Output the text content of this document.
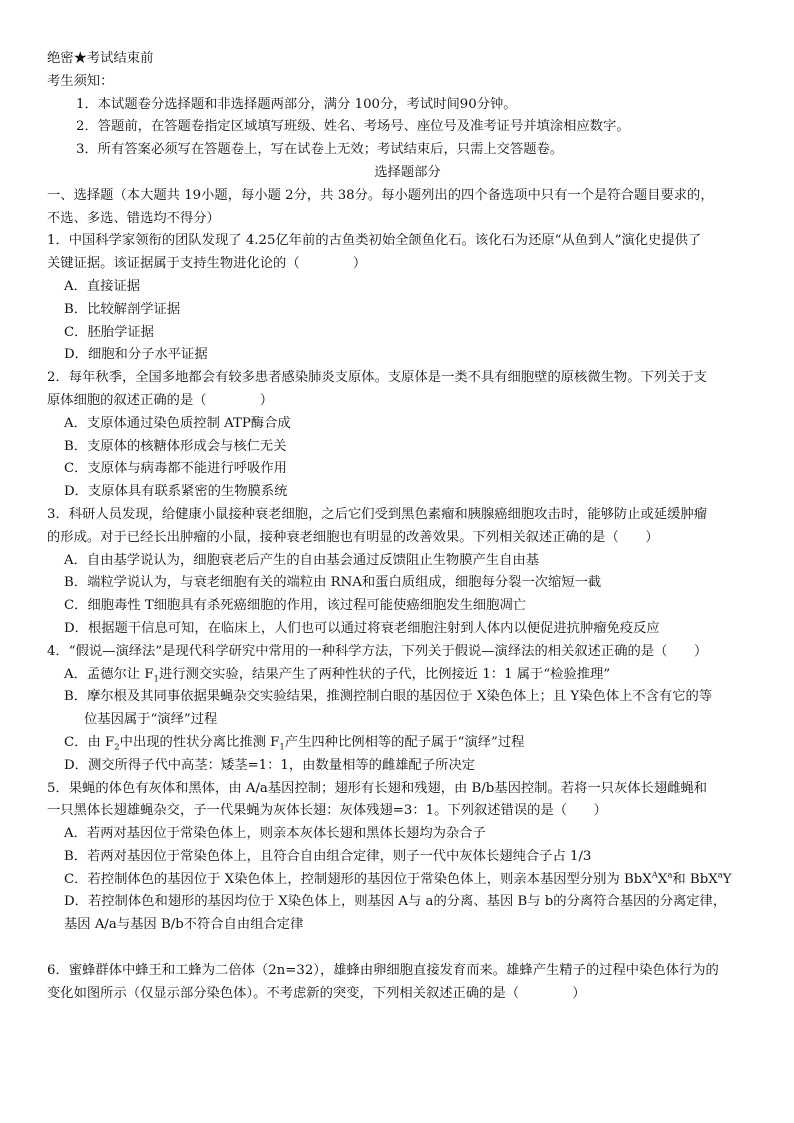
绝密★考试结束前
考生须知：
1．本试题卷分选择题和非选择题两部分，满分 100分，考试时间90分钟。
2．答题前，在答题卷指定区域填写班级、姓名、考场号、座位号及准考证号并填涂相应数字。
3．所有答案必须写在答题卷上，写在试卷上无效；考试结束后，只需上交答题卷。
选择题部分
一、选择题（本大题共 19小题，每小题 2分，共 38分。每小题列出的四个备选项中只有一个是符合题目要求的，
不选、多选、错选均不得分）
1．中国科学家领衔的团队发现了 4.25亿年前的古鱼类初始全颌鱼化石。该化石为还原“从鱼到人”演化史提供了
关键证据。该证据属于支持生物进化论的（　　　　）
A．直接证据
B．比较解剖学证据
C．胚胎学证据
D．细胞和分子水平证据
2．每年秋季，全国多地都会有较多患者感染肺炎支原体。支原体是一类不具有细胞壁的原核微生物。下列关于支
原体细胞的叙述正确的是（　　　　）
A．支原体通过染色质控制 ATP酶合成
B．支原体的核糖体形成会与核仁无关
C．支原体与病毒都不能进行呼吸作用
D．支原体具有联系紧密的生物膜系统
3．科研人员发现，给健康小鼠接种衰老细胞，之后它们受到黑色素瘤和胰腺癌细胞攻击时，能够防止或延缓肿瘤
的形成。对于已经长出肿瘤的小鼠，接种衰老细胞也有明显的改善效果。下列相关叙述正确的是（　　）
A．自由基学说认为，细胞衰老后产生的自由基会通过反馈阻止生物膜产生自由基
B．端粒学说认为，与衰老细胞有关的端粒由 RNA和蛋白质组成，细胞每分裂一次缩短一截
C．细胞毒性 T细胞具有杀死癌细胞的作用，该过程可能使癌细胞发生细胞凋亡
D．根据题干信息可知，在临床上，人们也可以通过将衰老细胞注射到人体内以便促进抗肿瘤免疫反应
4．“假说—演绎法”是现代科学研究中常用的一种科学方法，下列关于假说—演绎法的相关叙述正确的是（　　）
A．孟德尔让 $F_1$进行测交实验，结果产生了两种性状的子代，比例接近 1：1 属于“检验推理”
B．摩尔根及其同事依据果蝇杂交实验结果，推测控制白眼的基因位于 X染色体上；且 Y染色体上不含有它的等
位基因属于“演绎”过程
C．由 $F_2$中出现的性状分离比推测 $F_1$产生四种比例相等的配子属于“演绎”过程
D．测交所得子代中高茎：矮茎=1：1，由数量相等的雌雄配子所决定
5．果蝇的体色有灰体和黑体，由 A/a基因控制；翅形有长翅和残翅，由 B/b基因控制。若将一只灰体长翅雌蝇和
一只黑体长翅雄蝇杂交，子一代果蝇为灰体长翅：灰体残翅=3：1。下列叙述错误的是（　　）
A．若两对基因位于常染色体上，则亲本灰体长翅和黑体长翅均为杂合子
B．若两对基因位于常染色体上，且符合自由组合定律，则子一代中灰体长翅纯合子占 1/3
C．若控制体色的基因位于 X染色体上，控制翅形的基因位于常染色体上，则亲本基因型分别为 $BbX^AX^a$和 BbX$^a$Y
D．若控制体色和翅形的基因均位于 X染色体上，则基因 A与 a的分离、基因 B与 b的分离符合基因的分离定律，
基因 A/a与基因 B/b不符合自由组合定律
6．蜜蜂群体中蜂王和工蜂为二倍体（2n=32），雄蜂由卵细胞直接发育而来。雄蜂产生精子的过程中染色体行为的
变化如图所示（仅显示部分染色体）。不考虑新的突变，下列相关叙述正确的是（　　　　）
